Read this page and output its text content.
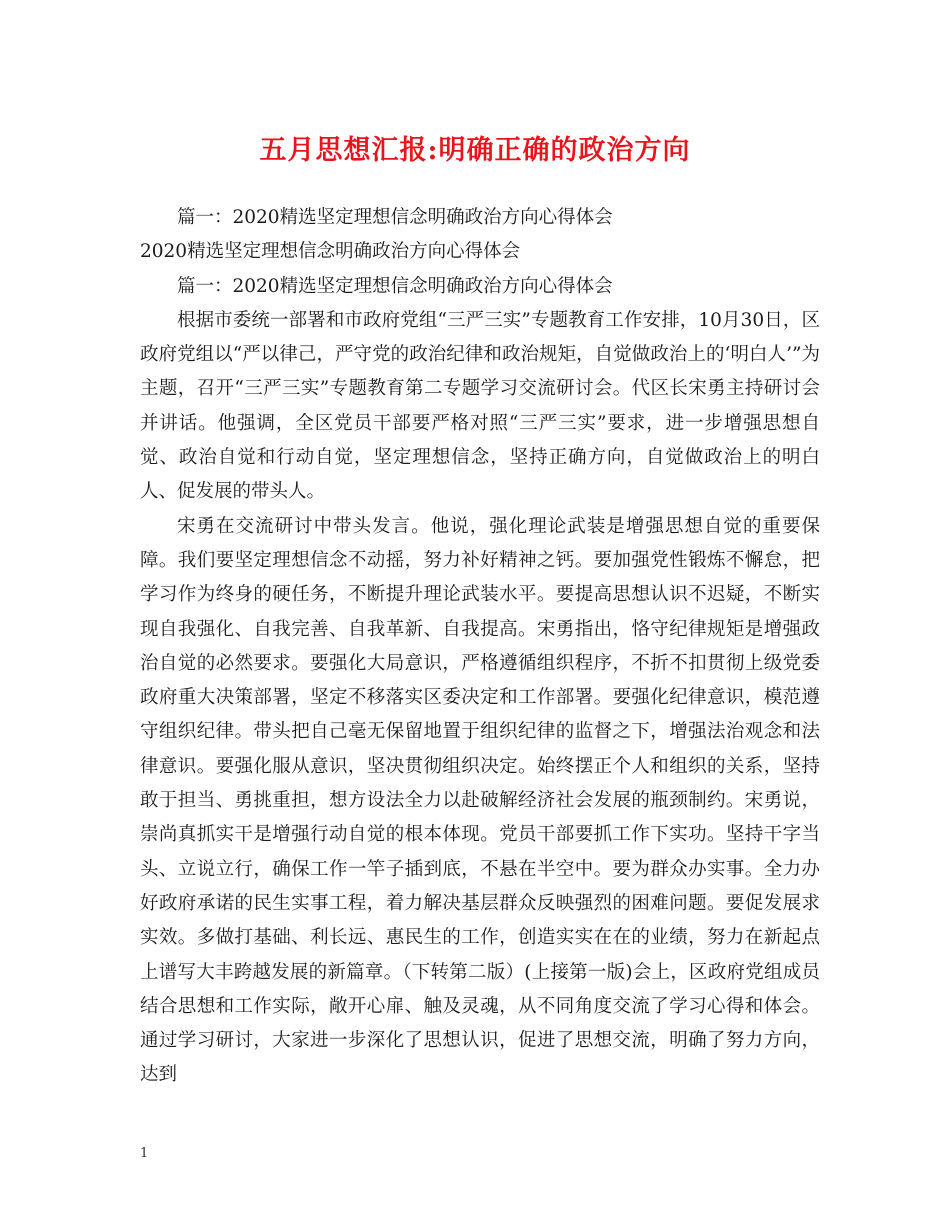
五月思想汇报:明确正确的政治方向

篇一：2020精选坚定理想信念明确政治方向心得体会

2020精选坚定理想信念明确政治方向心得体会

篇一：2020精选坚定理想信念明确政治方向心得体会

根据市委统一部署和市政府党组“三严三实”专题教育工作安排，10月30日，区政府党组以“严以律己，严守党的政治纪律和政治规矩，自觉做政治上的‘明白人’”为主题，召开“三严三实”专题教育第二专题学习交流研讨会。代区长宋勇主持研讨会并讲话。他强调，全区党员干部要严格对照“三严三实”要求，进一步增强思想自觉、政治自觉和行动自觉，坚定理想信念，坚持正确方向，自觉做政治上的明白人、促发展的带头人。

宋勇在交流研讨中带头发言。他说，强化理论武装是增强思想自觉的重要保障。我们要坚定理想信念不动摇，努力补好精神之钙。要加强党性锻炼不懈怠，把学习作为终身的硬任务，不断提升理论武装水平。要提高思想认识不迟疑，不断实现自我强化、自我完善、自我革新、自我提高。宋勇指出，恪守纪律规矩是增强政治自觉的必然要求。要强化大局意识，严格遵循组织程序，不折不扣贯彻上级党委政府重大决策部署，坚定不移落实区委决定和工作部署。要强化纪律意识，模范遵守组织纪律。带头把自己毫无保留地置于组织纪律的监督之下，增强法治观念和法律意识。要强化服从意识，坚决贯彻组织决定。始终摆正个人和组织的关系，坚持敢于担当、勇挑重担，想方设法全力以赴破解经济社会发展的瓶颈制约。宋勇说，崇尚真抓实干是增强行动自觉的根本体现。党员干部要抓工作下实功。坚持干字当头、立说立行，确保工作一竿子插到底，不悬在半空中。要为群众办实事。全力办好政府承诺的民生实事工程，着力解决基层群众反映强烈的困难问题。要促发展求实效。多做打基础、利长远、惠民生的工作，创造实实在在的业绩，努力在新起点上谱写大丰跨越发展的新篇章。（下转第二版）(上接第一版)会上，区政府党组成员结合思想和工作实际，敞开心扉、触及灵魂，从不同角度交流了学习心得和体会。通过学习研讨，大家进一步深化了思想认识，促进了思想交流，明确了努力方向，达到

1
